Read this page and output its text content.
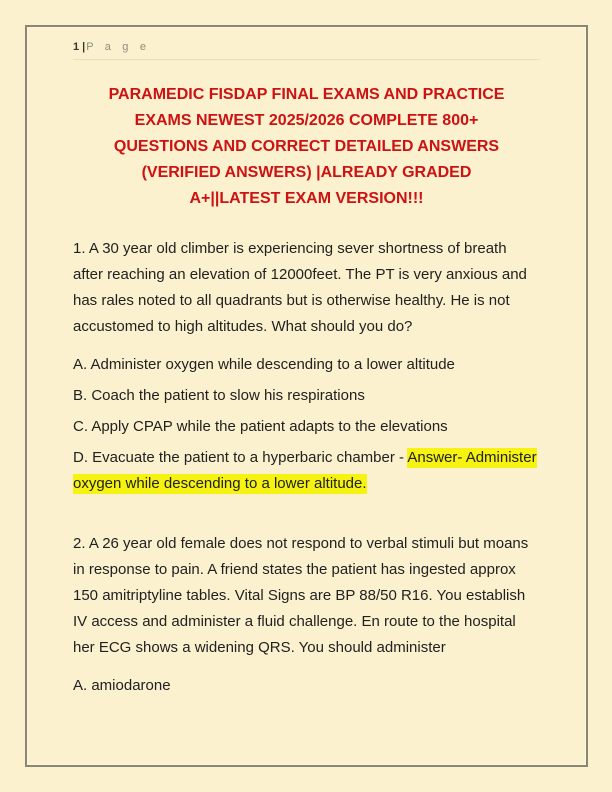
1 |P a g e
PARAMEDIC FISDAP FINAL EXAMS AND PRACTICE
EXAMS NEWEST 2025/2026 COMPLETE 800+
QUESTIONS AND CORRECT DETAILED ANSWERS
(VERIFIED ANSWERS) |ALREADY GRADED
A+||LATEST EXAM VERSION!!!

1. A 30 year old climber is experiencing sever shortness of breath after reaching an elevation of 12000feet. The PT is very anxious and has rales noted to all quadrants but is otherwise healthy. He is not accustomed to high altitudes. What should you do?

A. Administer oxygen while descending to a lower altitude

B. Coach the patient to slow his respirations

C. Apply CPAP while the patient adapts to the elevations

D. Evacuate the patient to a hyperbaric chamber - Answer- Administer oxygen while descending to a lower altitude.

2. A 26 year old female does not respond to verbal stimuli but moans in response to pain. A friend states the patient has ingested approx 150 amitriptyline tables. Vital Signs are BP 88/50 R16. You establish IV access and administer a fluid challenge. En route to the hospital her ECG shows a widening QRS. You should administer

A. amiodarone
